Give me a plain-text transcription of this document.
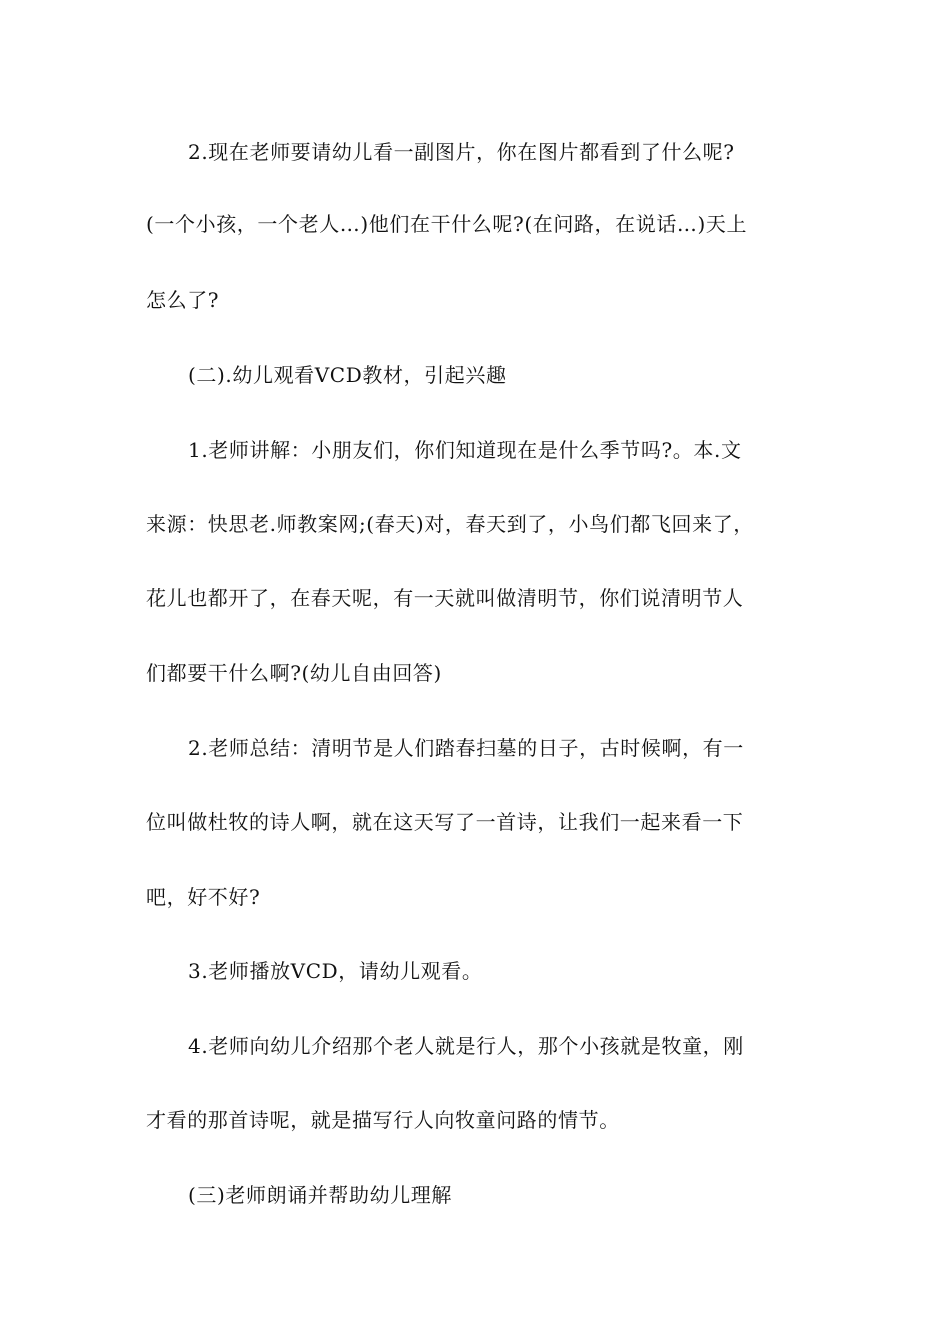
2.现在老师要请幼儿看一副图片，你在图片都看到了什么呢?

(一个小孩，一个老人…)他们在干什么呢?(在问路，在说话…)天上

怎么了?

(二).幼儿观看VCD教材，引起兴趣

1.老师讲解：小朋友们，你们知道现在是什么季节吗?。本.文

来源：快思老.师教案网;(春天)对，春天到了，小鸟们都飞回来了，

花儿也都开了，在春天呢，有一天就叫做清明节，你们说清明节人

们都要干什么啊?(幼儿自由回答)

2.老师总结：清明节是人们踏春扫墓的日子，古时候啊，有一

位叫做杜牧的诗人啊，就在这天写了一首诗，让我们一起来看一下

吧，好不好?

3.老师播放VCD，请幼儿观看。

4.老师向幼儿介绍那个老人就是行人，那个小孩就是牧童，刚

才看的那首诗呢，就是描写行人向牧童问路的情节。

(三)老师朗诵并帮助幼儿理解
